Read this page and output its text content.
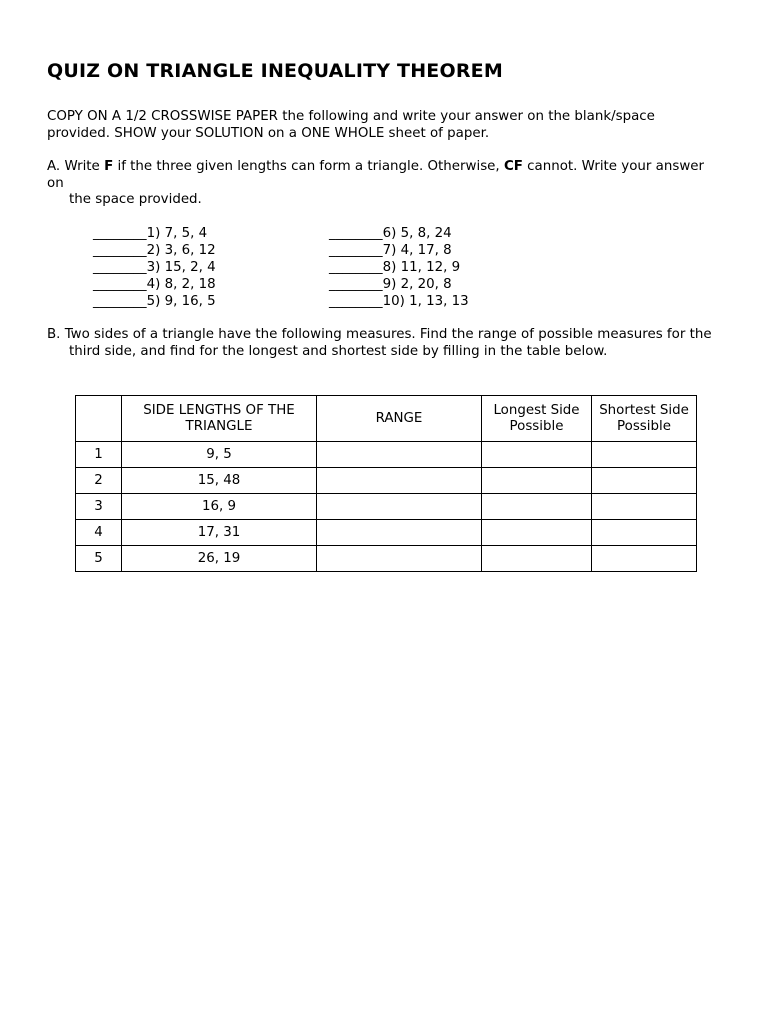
QUIZ ON TRIANGLE INEQUALITY THEOREM
COPY ON A 1/2 CROSSWISE PAPER the following and write your answer on the blank/space provided. SHOW your SOLUTION on a ONE WHOLE sheet of paper.
A. Write F if the three given lengths can form a triangle. Otherwise, CF cannot. Write your answer on
the space provided.
________1) 7, 5, 4
________2) 3, 6, 12
________3) 15, 2, 4
________4) 8, 2, 18
________5) 9, 16, 5
________6) 5, 8, 24
________7) 4, 17, 8
________8) 11, 12, 9
________9) 2, 20, 8
________10) 1, 13, 13
B. Two sides of a triangle have the following measures. Find the range of possible measures for the
third side, and find for the longest and shortest side by filling in the table below.
	SIDE LENGTHS OF THE TRIANGLE	RANGE	Longest Side Possible	Shortest Side Possible
1	9, 5			
2	15, 48			
3	16, 9			
4	17, 31			
5	26, 19			
